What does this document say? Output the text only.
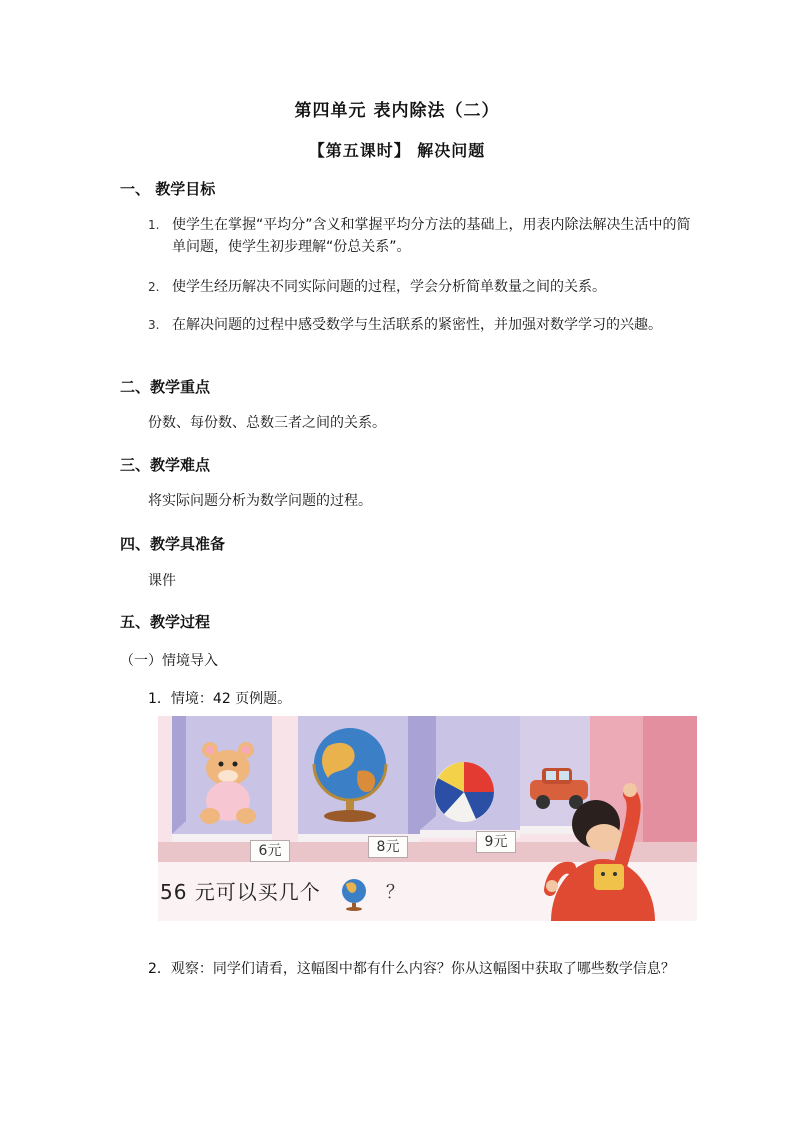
第四单元 表内除法（二）
【第五课时】 解决问题
一、 教学目标
1. 使学生在掌握“平均分”含义和掌握平均分方法的基础上，用表内除法解决生活中的简单问题，使学生初步理解“份总关系”。
2. 使学生经历解决不同实际问题的过程，学会分析简单数量之间的关系。
3. 在解决问题的过程中感受数学与生活联系的紧密性，并加强对数学学习的兴趣。
二、教学重点
份数、每份数、总数三者之间的关系。
三、教学难点
将实际问题分析为数学问题的过程。
四、教学具准备
课件
五、教学过程
（一）情境导入
1．情境：42 页例题。
6元	8元	9元
56 元可以买几个	？
2．观察：同学们请看，这幅图中都有什么内容？你从这幅图中获取了哪些数学信息？
